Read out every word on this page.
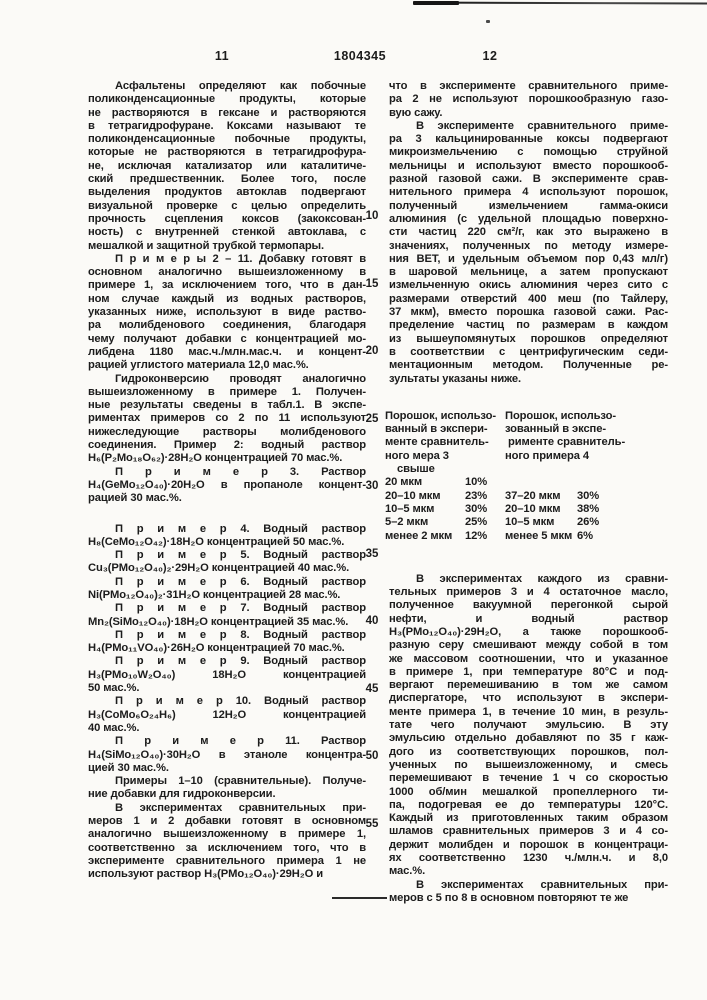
11	1804345	12
Асфальтены определяют как побочные
поликонденсационные продукты, которые
не растворяются в гексане и растворяются
в тетрагидрофуране. Коксами называют те
поликонденсационные побочные продукты,
которые не растворяются в тетрагидрофура-
не, исключая катализатор или каталитиче-
ский предшественник. Более того, после
выделения продуктов автоклав подвергают
визуальной проверке с целью определить
прочность сцепления коксов (закоксован-
ность) с внутренней стенкой автоклава, с
мешалкой и защитной трубкой термопары.
П р и м е р ы 2 – 11. Добавку готовят в
основном аналогично вышеизложенному в
примере 1, за исключением того, что в дан-
ном случае каждый из водных растворов,
указанных ниже, используют в виде раство-
ра молибденового соединения, благодаря
чему получают добавки с концентрацией мо-
либдена 1180 мас.ч./млн.мас.ч. и концент-
рацией углистого материала 12,0 мас.%.
Гидроконверсию проводят аналогично
вышеизложенному в примере 1. Получен-
ные результаты сведены в табл.1. В экспе-
риментах примеров со 2 по 11 используют
нижеследующие растворы молибденового
соединения. Пример 2: водный раствор
H₆(P₂Mo₁₈O₆₂)·28H₂O концентрацией 70 мас.%.
П р и м е р 3. Раствор
H₄(GeMo₁₂O₄₀)·20H₂O в пропаноле концент-
рацией 30 мас.%.
П р и м е р 4. Водный раствор
H₈(CeMo₁₂O₄₂)·18H₂O концентрацией 50 мас.%.
П р и м е р 5. Водный раствор
Cu₃(PMo₁₂O₄₀)₂·29H₂O концентрацией 40 мас.%.
П р и м е р 6. Водный раствор
Ni(PMo₁₂O₄₀)₂·31H₂O концентрацией 28 мас.%.
П р и м е р 7. Водный раствор
Mn₂(SiMo₁₂O₄₀)·18H₂O концентрацией 35 мас.%.
П р и м е р 8. Водный раствор
H₄(PMo₁₁VO₄₀)·26H₂O концентрацией 70 мас.%.
П р и м е р 9. Водный раствор
H₃(PMo₁₀W₂O₄₀) 18H₂O концентрацией
50 мас.%.
П р и м е р 10. Водный раствор
H₃(CoMo₆O₂₄H₆) 12H₂O концентрацией
40 мас.%.
П р и м е р 11. Раствор
H₄(SiMo₁₂O₄₀)·30H₂O в этаноле концентра-
цией 30 мас.%.
Примеры 1–10 (сравнительные). Получе-
ние добавки для гидроконверсии.
В экспериментах сравнительных при-
меров 1 и 2 добавки готовят в основном
аналогично вышеизложенному в примере 1,
соответственно за исключением того, что в
эксперименте сравнительного примера 1 не
используют раствор H₃(PMo₁₂O₄₀)·29H₂O и
что в эксперименте сравнительного приме-
ра 2 не используют порошкообразную газо-
вую сажу.
В эксперименте сравнительного приме-
ра 3 кальцинированные коксы подвергают
микроизмельчению с помощью струйной
мельницы и используют вместо порошкооб-
разной газовой сажи. В эксперименте срав-
нительного примера 4 используют порошок,
полученный измельчением гамма-окиси
алюминия (с удельной площадью поверхно-
сти частиц 220 см²/г, как это выражено в
значениях, полученных по методу измере-
ния ВЕТ, и удельным объемом пор 0,43 мл/г)
в шаровой мельнице, а затем пропускают
измельченную окись алюминия через сито с
размерами отверстий 400 меш (по Тайлеру,
37 мкм), вместо порошка газовой сажи. Рас-
пределение частиц по размерам в каждом
из вышеупомянутых порошков определяют
в соответствии с центрифугическим седи-
ментационным методом. Полученные ре-
зультаты указаны ниже.
Порошок, использо-
ванный в экспери-
менте сравнитель-
ного мера 3
свыше
20 мкм	10%
20–10 мкм	23%
10–5 мкм	30%
5–2 мкм	25%
менее 2 мкм	12%
Порошок, использо-
зованный в экспе-
рименте сравнитель-
ного примера 4
37–20 мкм	30%
20–10 мкм	38%
10–5 мкм	26%
менее 5 мкм 6%
В экспериментах каждого из сравни-
тельных примеров 3 и 4 остаточное масло,
полученное вакуумной перегонкой сырой
нефти, и водный раствор
H₃(PMo₁₂O₄₀)·29H₂O, а также порошкооб-
разную серу смешивают между собой в том
же массовом соотношении, что и указанное
в примере 1, при температуре 80°С и под-
вергают перемешиванию в том же самом
диспергаторе, что используют в экспери-
менте примера 1, в течение 10 мин, в резуль-
тате чего получают эмульсию. В эту
эмульсию отдельно добавляют по 35 г каж-
дого из соответствующих порошков, пол-
ученных по вышеизложенному, и смесь
перемешивают в течение 1 ч со скоростью
1000 об/мин мешалкой пропеллерного ти-
па, подогревая ее до температуры 120°С.
Каждый из приготовленных таким образом
шламов сравнительных примеров 3 и 4 со-
держит молибден и порошок в концентраци-
ях соответственно 1230 ч./млн.ч. и 8,0
мас.%.
В экспериментах сравнительных при-
меров с 5 по 8 в основном повторяют те же
10
15
20
25
30
35
40
45
50
55
